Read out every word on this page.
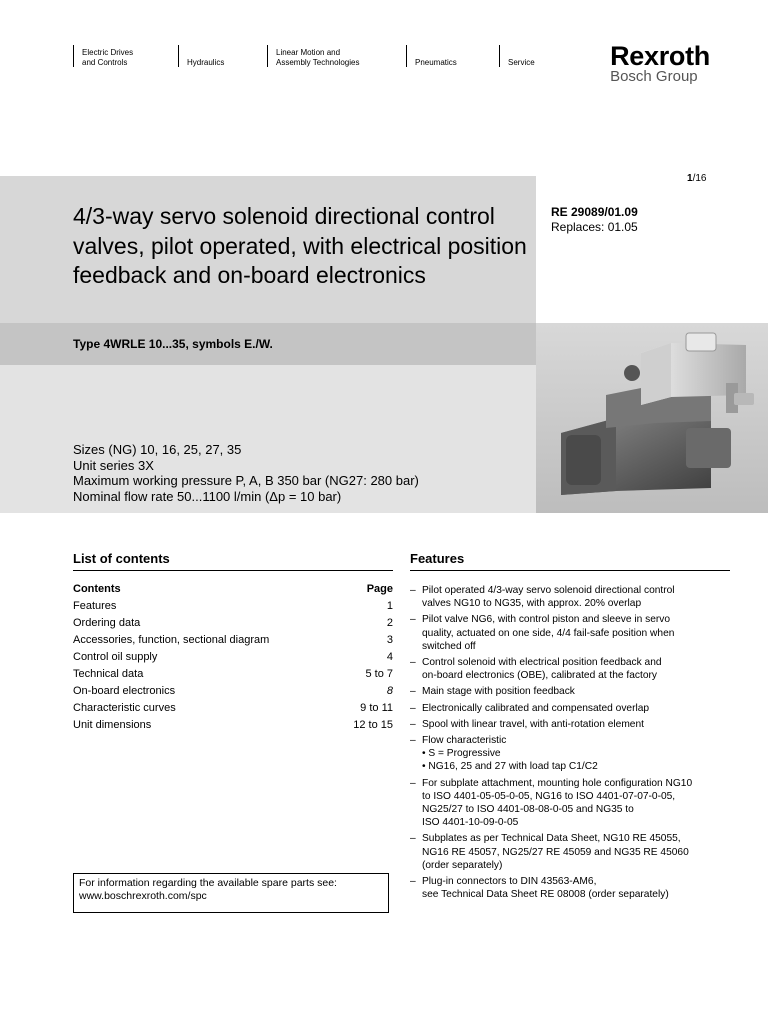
Electric Drives
and Controls	Hydraulics
Linear Motion and
Assembly Technologies	Pneumatics	Service	Rexroth
Bosch Group
1/16
4/3-way servo solenoid directional control valves, pilot operated, with electrical position feedback and on-board electronics
RE 29089/01.09
Replaces: 01.05
Type 4WRLE 10...35, symbols E./W.
Sizes (NG) 10, 16, 25, 27, 35
Unit series 3X
Maximum working pressure P, A, B 350 bar (NG27: 280 bar)
Nominal flow rate 50...1100 l/min (Δp = 10 bar)
List of contents
Contents	Page
Features	1
Ordering data	2
Accessories, function, sectional diagram	3
Control oil supply	4
Technical data	5 to 7
On-board electronics	8
Characteristic curves	9 to 11
Unit dimensions	12 to 15
For information regarding the available spare parts see:
www.boschrexroth.com/spc
Features
– Pilot operated 4/3-way servo solenoid directional control
valves NG10 to NG35, with approx. 20% overlap
– Pilot valve NG6, with control piston and sleeve in servo
quality, actuated on one side, 4/4 fail-safe position when
switched off
– Control solenoid with electrical position feedback and
on-board electronics (OBE), calibrated at the factory
– Main stage with position feedback
– Electronically calibrated and compensated overlap
– Spool with linear travel, with anti-rotation element
– Flow characteristic
• S = Progressive
• NG16, 25 and 27 with load tap C1/C2
– For subplate attachment, mounting hole configuration NG10
to ISO 4401-05-05-0-05, NG16 to ISO 4401-07-07-0-05,
NG25/27 to ISO 4401-08-08-0-05 and NG35 to
ISO 4401-10-09-0-05
– Subplates as per Technical Data Sheet, NG10 RE 45055,
NG16 RE 45057, NG25/27 RE 45059 and NG35 RE 45060
(order separately)
– Plug-in connectors to DIN 43563-AM6,
see Technical Data Sheet RE 08008 (order separately)
